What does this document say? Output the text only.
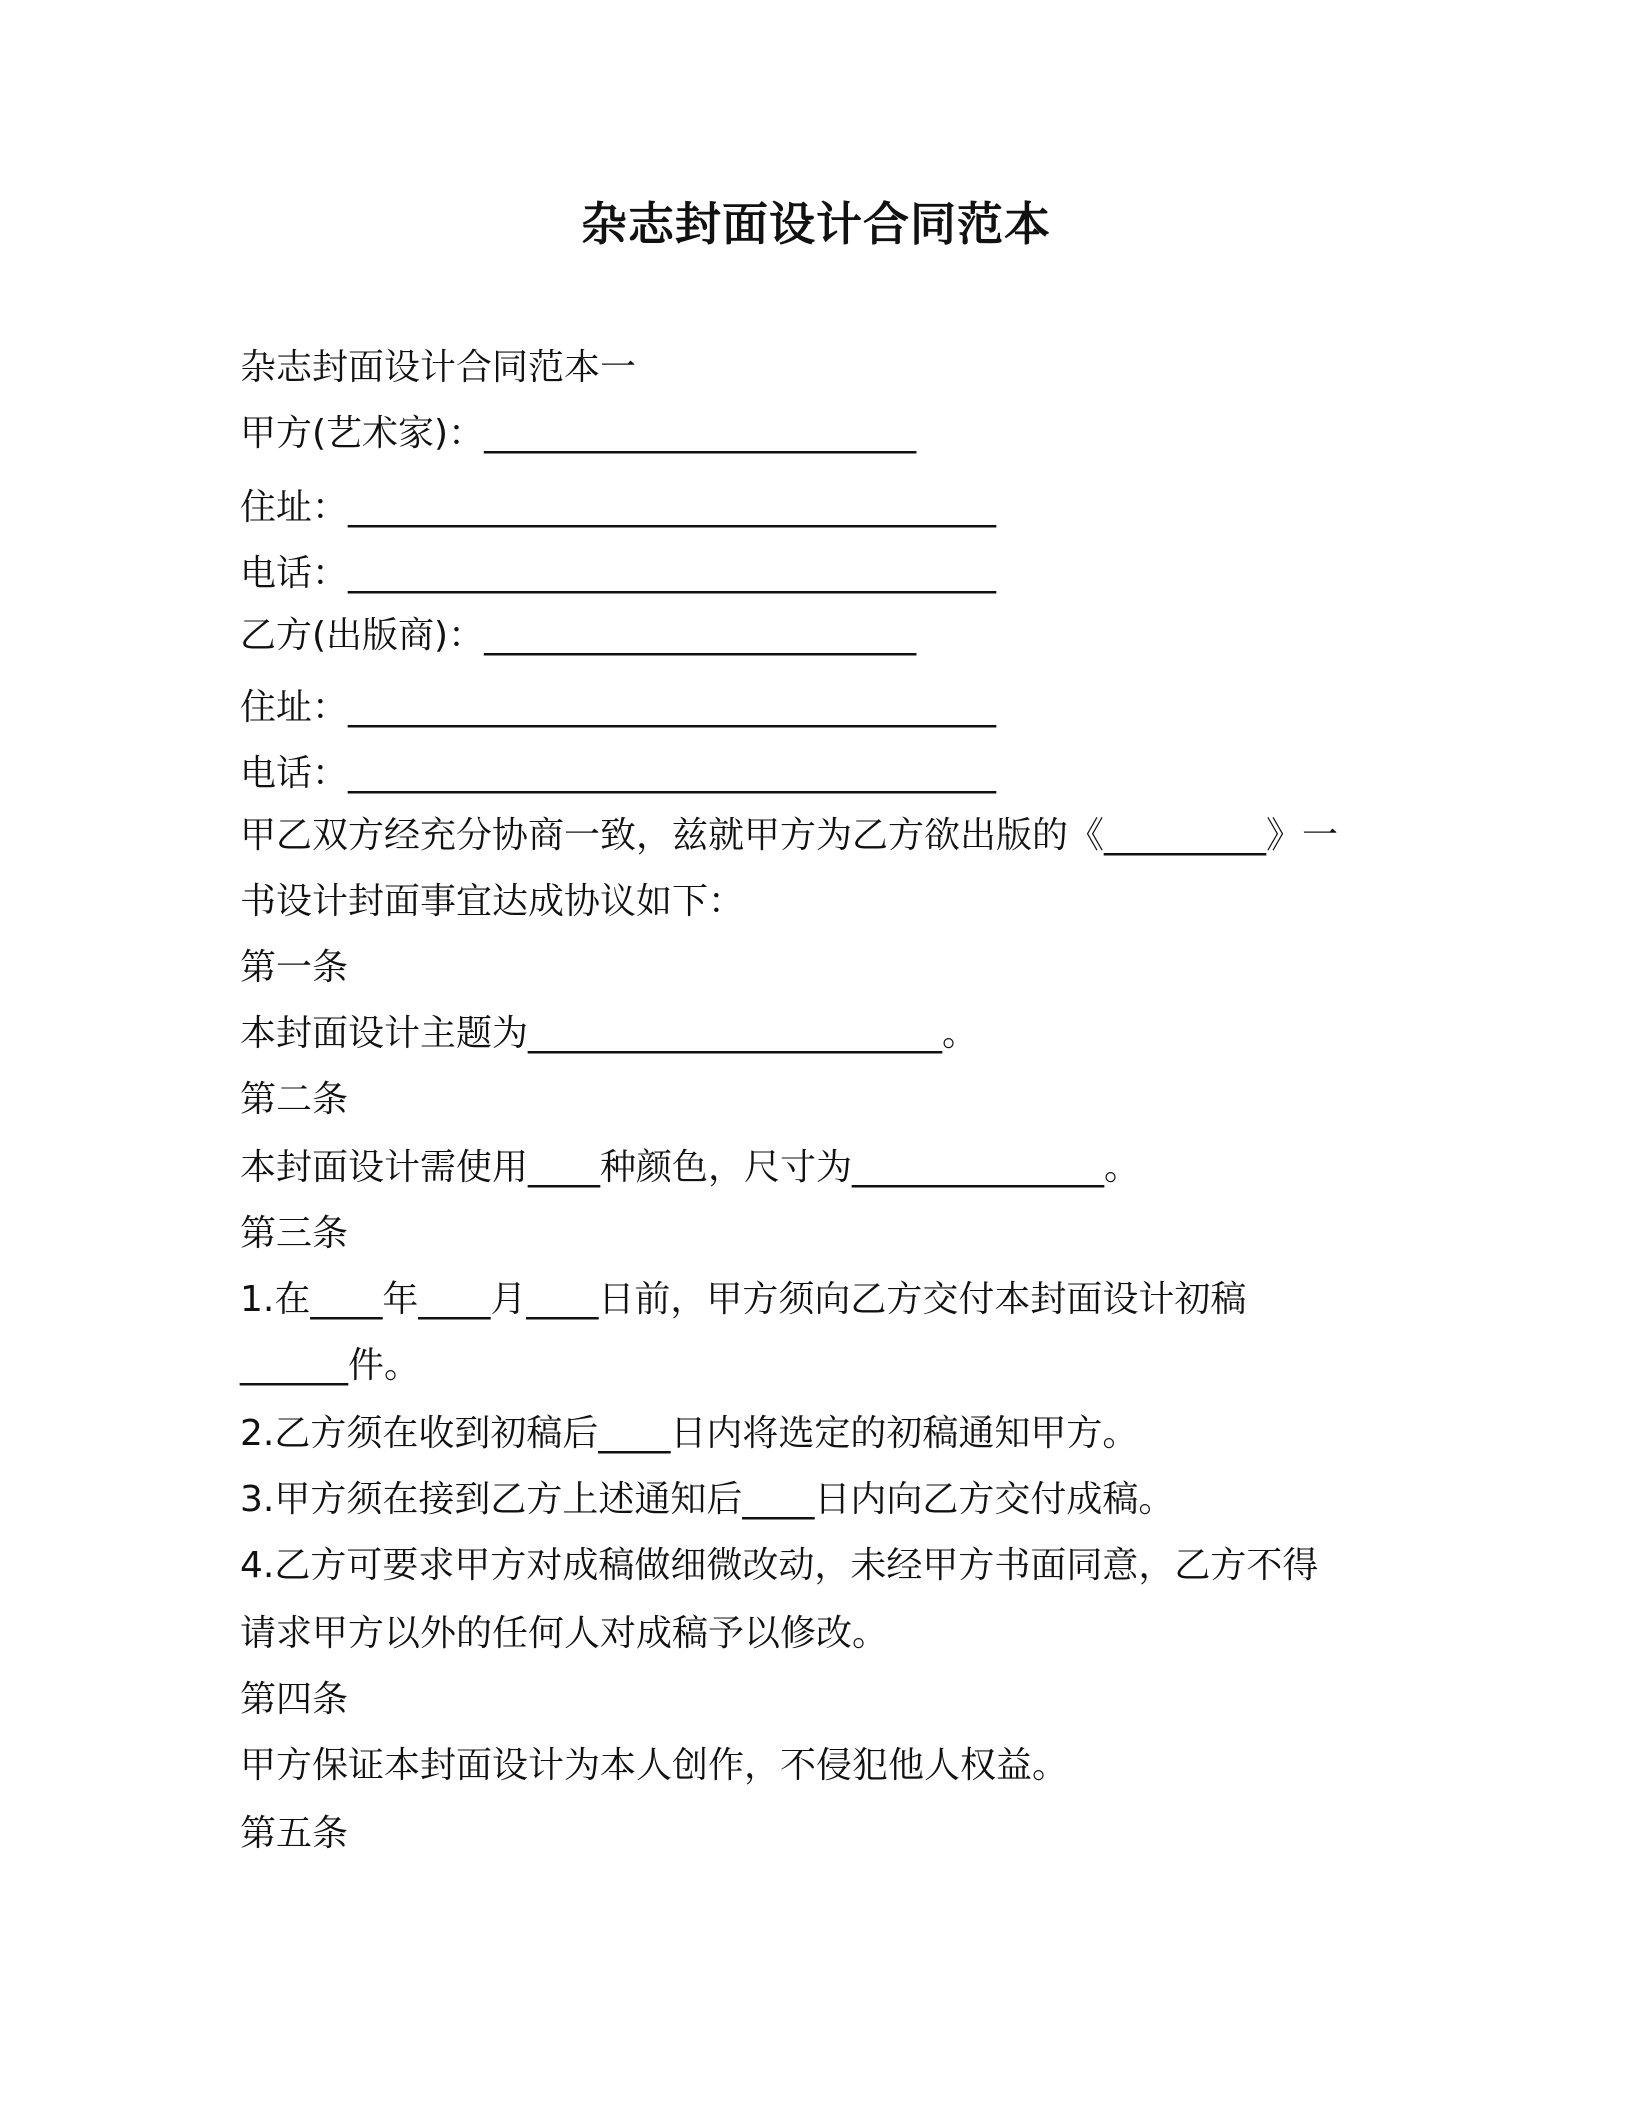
杂志封面设计合同范本
杂志封面设计合同范本一
甲方(艺术家)：________________________
住址：____________________________________
电话：____________________________________
乙方(出版商)：________________________
住址：____________________________________
电话：____________________________________
甲乙双方经充分协商一致，兹就甲方为乙方欲出版的《_________》一
书设计封面事宜达成协议如下：
第一条
本封面设计主题为_______________________。
第二条
本封面设计需使用____种颜色，尺寸为______________。
第三条
1.在____年____月____日前，甲方须向乙方交付本封面设计初稿
______件。
2.乙方须在收到初稿后____日内将选定的初稿通知甲方。
3.甲方须在接到乙方上述通知后____日内向乙方交付成稿。
4.乙方可要求甲方对成稿做细微改动，未经甲方书面同意，乙方不得
请求甲方以外的任何人对成稿予以修改。
第四条
甲方保证本封面设计为本人创作，不侵犯他人权益。
第五条
